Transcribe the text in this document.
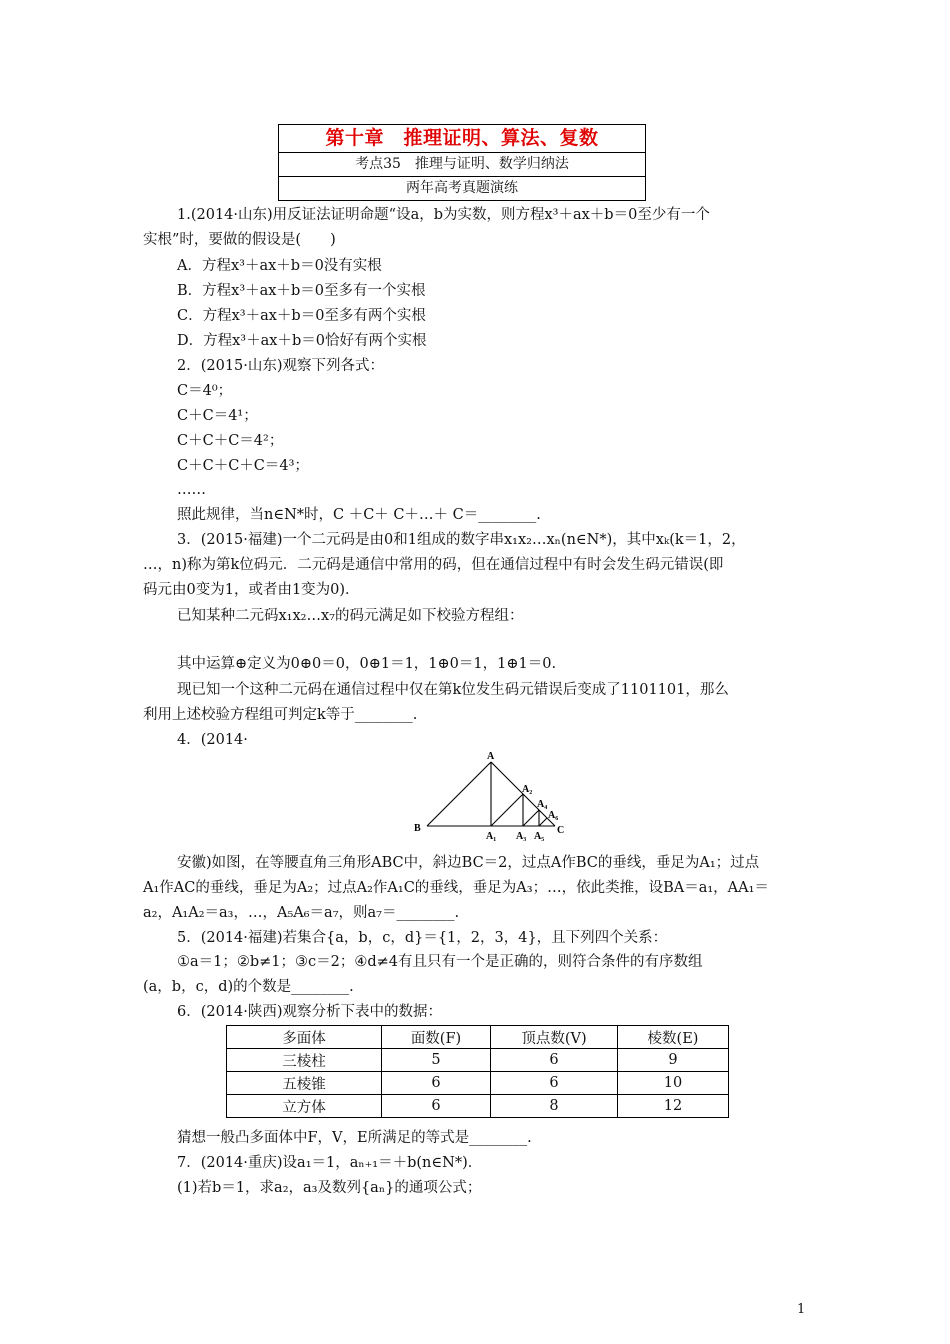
第十章　推理证明、算法、复数
考点35　推理与证明、数学归纳法
两年高考真题演练
1.(2014·山东)用反证法证明命题“设a，b为实数，则方程x³＋ax＋b＝0至少有一个
实根”时，要做的假设是(　　)
A．方程x³＋ax＋b＝0没有实根
B．方程x³＋ax＋b＝0至多有一个实根
C．方程x³＋ax＋b＝0至多有两个实根
D．方程x³＋ax＋b＝0恰好有两个实根
2．(2015·山东)观察下列各式：
C＝4⁰；
C＋C＝4¹；
C＋C＋C＝4²；
C＋C＋C＋C＝4³；
……
照此规律，当n∈N*时，C ＋C＋ C＋…＋ C＝________.
3．(2015·福建)一个二元码是由0和1组成的数字串x₁x₂…xₙ(n∈N*)，其中xₖ(k＝1，2，
…，n)称为第k位码元．二元码是通信中常用的码，但在通信过程中有时会发生码元错误(即
码元由0变为1，或者由1变为0)．
已知某种二元码x₁x₂…x₇的码元满足如下校验方程组：
其中运算⊕定义为0⊕0＝0，0⊕1＝1，1⊕0＝1，1⊕1＝0.
现已知一个这种二元码在通信过程中仅在第k位发生码元错误后变成了1101101，那么
利用上述校验方程组可判定k等于________.
4．(2014·
A
B	C
A₁
A₂
A₃
A₄
A₅
A₆
安徽)如图，在等腰直角三角形ABC中，斜边BC＝2，过点A作BC的垂线，垂足为A₁；过点
A₁作AC的垂线，垂足为A₂；过点A₂作A₁C的垂线，垂足为A₃；…，依此类推，设BA＝a₁，AA₁＝
a₂，A₁A₂＝a₃，…，A₅A₆＝a₇，则a₇＝________.
5．(2014·福建)若集合{a，b，c，d}＝{1，2，3，4}，且下列四个关系：
①a＝1；②b≠1；③c＝2；④d≠4有且只有一个是正确的，则符合条件的有序数组
(a，b，c，d)的个数是________.
6．(2014·陕西)观察分析下表中的数据：
多面体	面数(F)	顶点数(V)	棱数(E)
三棱柱	5	6	9
五棱锥	6	6	10
立方体	6	8	12
猜想一般凸多面体中F，V，E所满足的等式是________.
7．(2014·重庆)设a₁＝1，aₙ₊₁＝＋b(n∈N*)．
(1)若b＝1，求a₂，a₃及数列{aₙ}的通项公式；
1
